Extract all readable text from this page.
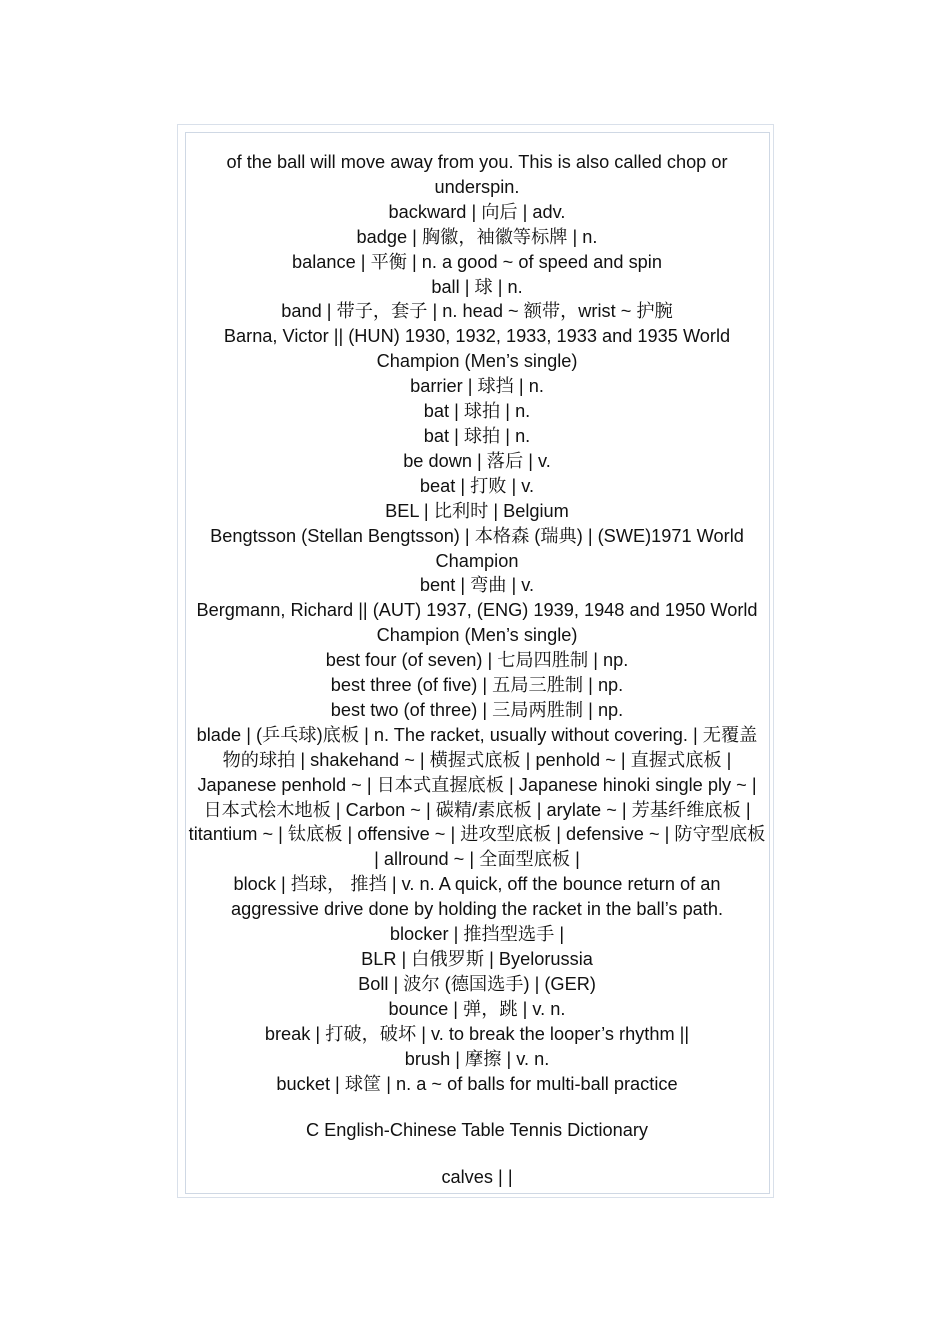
of the ball will move away from you. This is also called chop or underspin.

backward | 向后 | adv.

badge | 胸徽，袖徽等标牌 | n.

balance | 平衡 | n. a good ~ of speed and spin

ball | 球 | n.

band | 带子，套子 | n. head ~ 额带，wrist ~ 护腕

Barna, Victor || (HUN) 1930, 1932, 1933, 1933 and 1935 World Champion (Men’s single)

barrier | 球挡 | n.

bat | 球拍 | n.

bat | 球拍 | n.

be down | 落后 | v.

beat | 打败 | v.

BEL | 比利时 | Belgium

Bengtsson (Stellan Bengtsson) | 本格森 (瑞典) | (SWE)1971 World Champion

bent | 弯曲 | v.

Bergmann, Richard || (AUT) 1937, (ENG) 1939, 1948 and 1950 World Champion (Men’s single)

best four (of seven) | 七局四胜制 | np.

best three (of five) | 五局三胜制 | np.

best two (of three) | 三局两胜制 | np.

blade | (乒乓球)底板 | n. The racket, usually without covering. | 无覆盖物的球拍 | shakehand ~ | 横握式底板 | penhold ~ | 直握式底板 | Japanese penhold ~ | 日本式直握底板 | Japanese hinoki single ply ~ | 日本式桧木地板 | Carbon ~ | 碳精/素底板 | arylate ~ | 芳基纤维底板 | titantium ~ | 钛底板 | offensive ~ | 进攻型底板 | defensive ~ | 防守型底板 | allround ~ | 全面型底板 |

block | 挡球， 推挡 | v. n. A quick, off the bounce return of an aggressive drive done by holding the racket in the ball’s path.

blocker | 推挡型选手 |

BLR | 白俄罗斯 | Byelorussia

Boll | 波尔 (德国选手) | (GER)

bounce | 弹，跳 | v. n.

break | 打破，破坏 | v. to break the looper’s rhythm ||

brush | 摩擦 | v. n.

bucket | 球筐 | n. a ~ of balls for multi-ball practice

C English-Chinese Table Tennis Dictionary

calves | |
